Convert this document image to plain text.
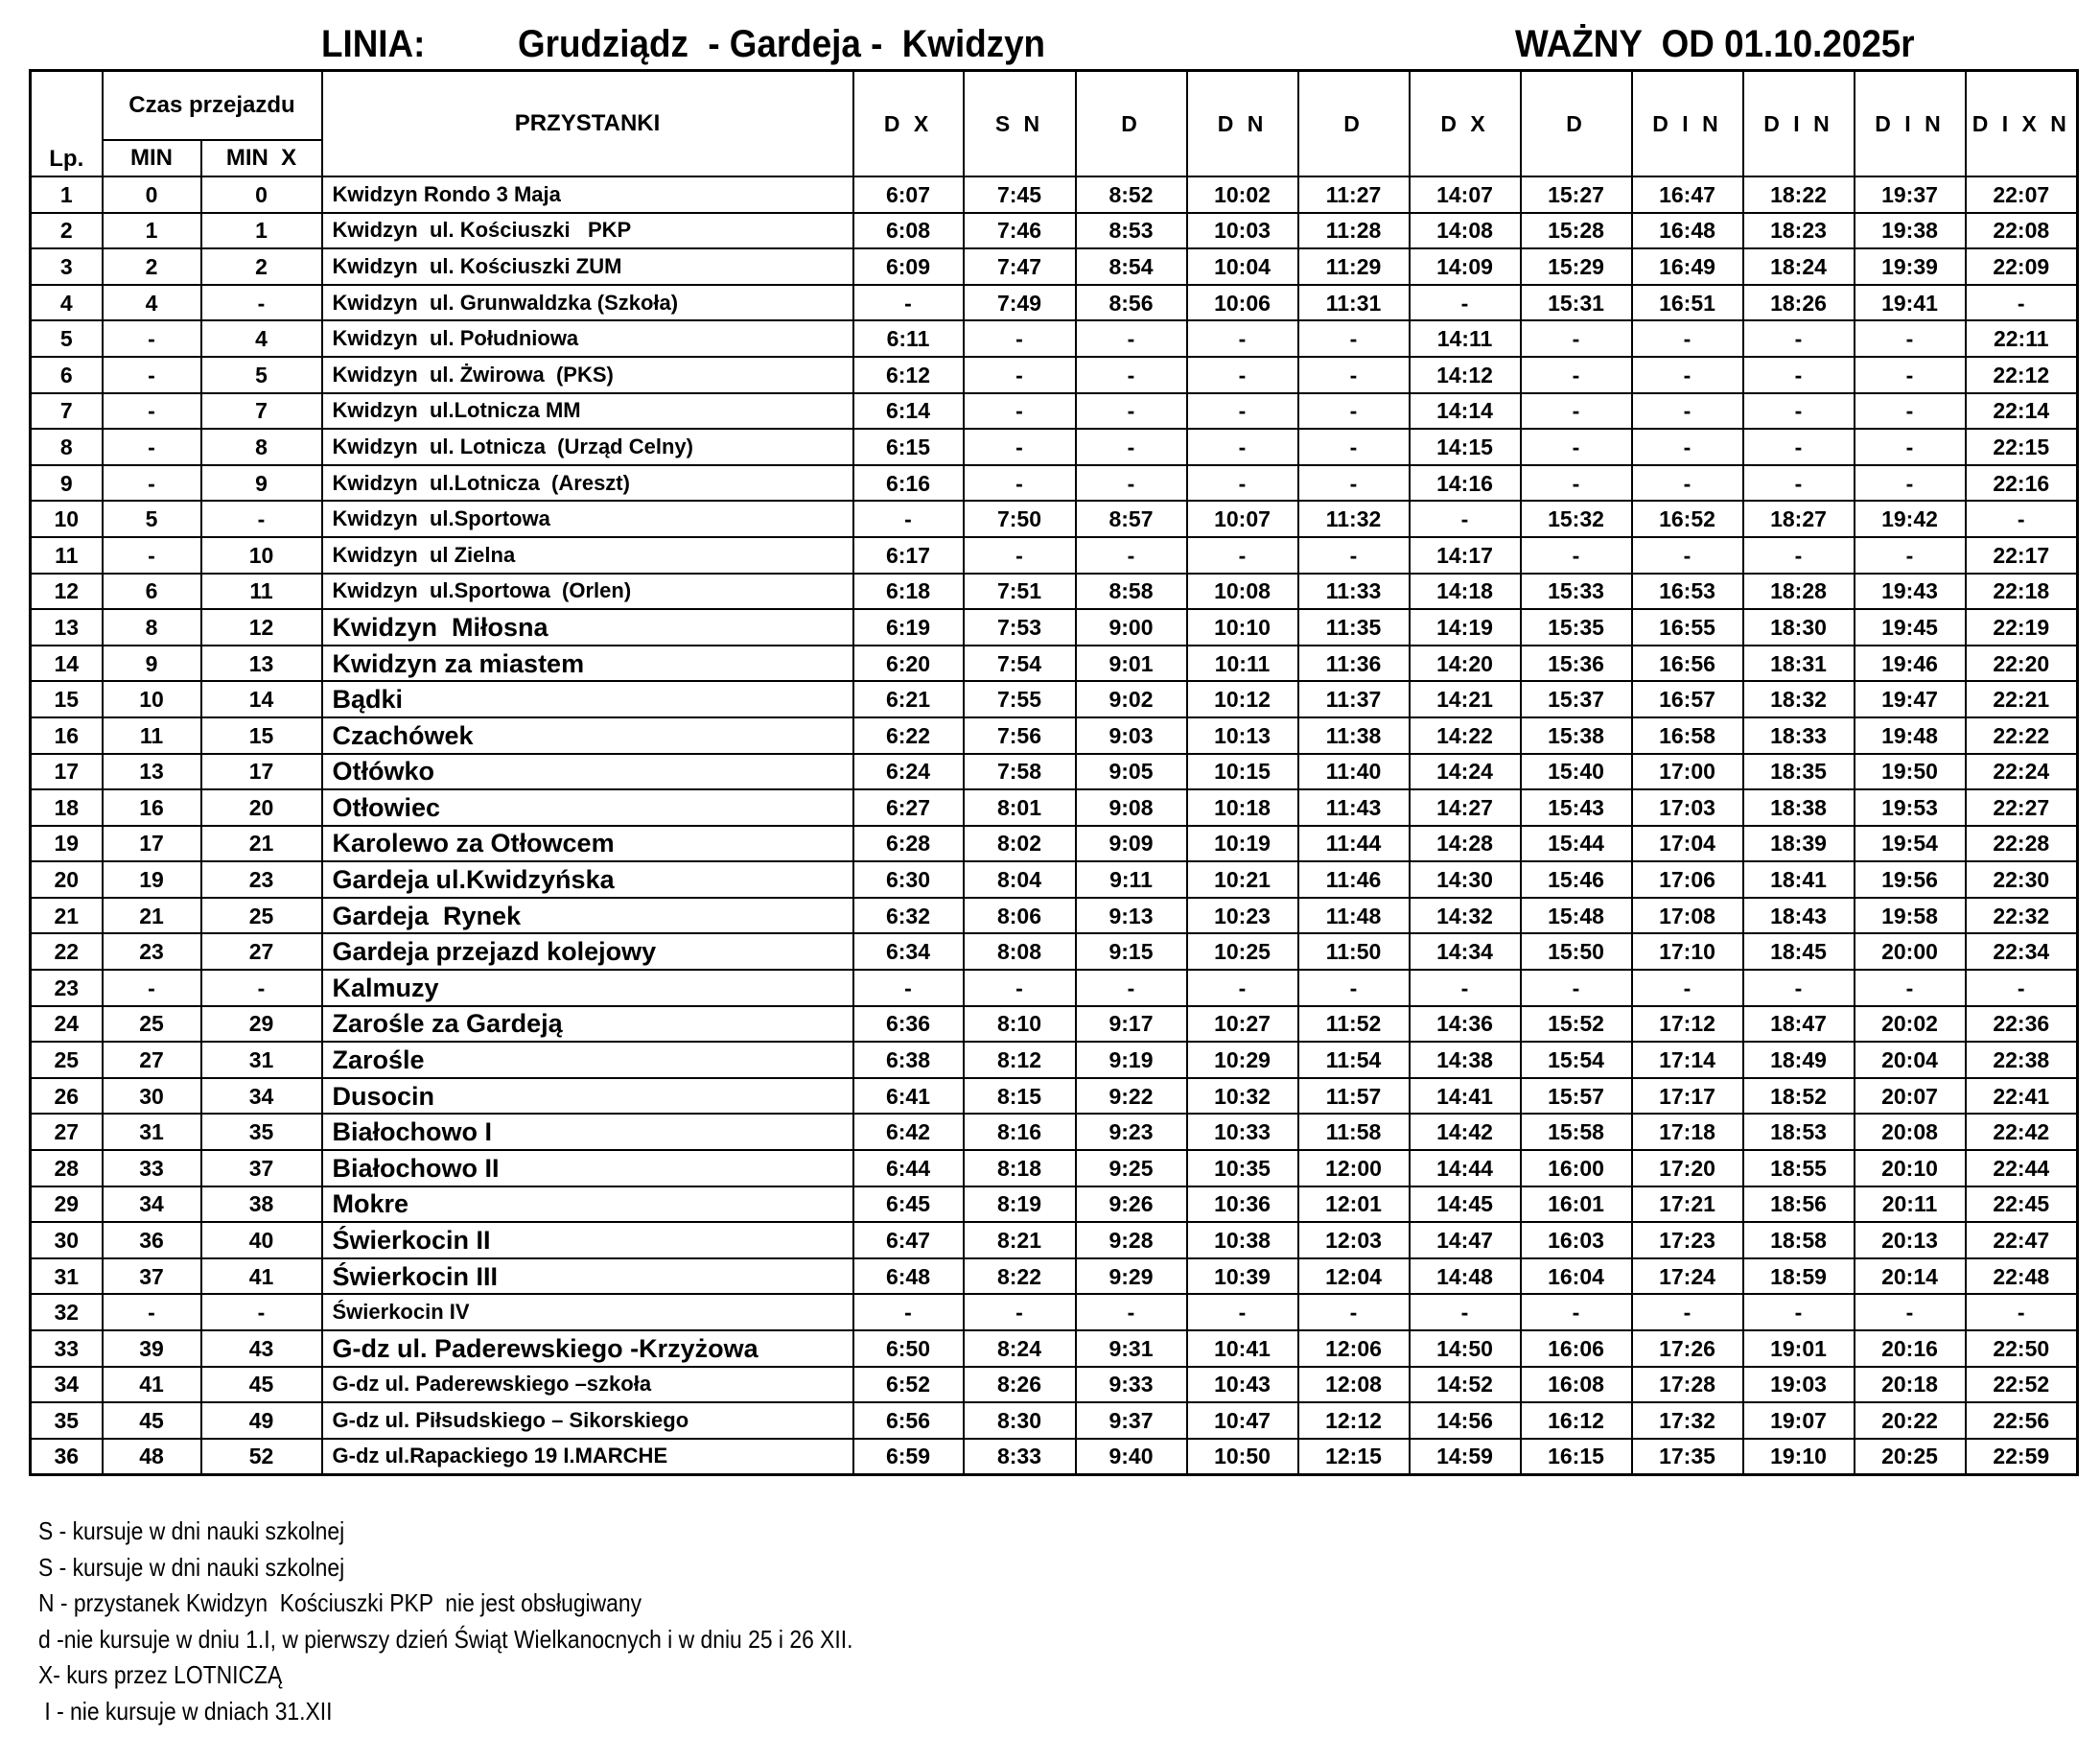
LINIA: Grudziądz  - Gardeja -  Kwidzyn	WAŻNY  OD 01.10.2025r
Lp.	Czas przejazdu		PRZYSTANKI	D X	S N	D	D N	D	D X	D	D I N	D I N	D I N	D I X N
	MIN	MIN  X												
1	0	0	Kwidzyn Rondo 3 Maja	6:07	7:45	8:52	10:02	11:27	14:07	15:27	16:47	18:22	19:37	22:07
2	1	1	Kwidzyn  ul. Kościuszki   PKP	6:08	7:46	8:53	10:03	11:28	14:08	15:28	16:48	18:23	19:38	22:08
3	2	2	Kwidzyn  ul. Kościuszki ZUM	6:09	7:47	8:54	10:04	11:29	14:09	15:29	16:49	18:24	19:39	22:09
4	4	-	Kwidzyn  ul. Grunwaldzka (Szkoła)	-	7:49	8:56	10:06	11:31	-	15:31	16:51	18:26	19:41	-
5	-	4	Kwidzyn  ul. Południowa	6:11	-	-	-	-	14:11	-	-	-	-	22:11
6	-	5	Kwidzyn  ul. Żwirowa  (PKS)	6:12	-	-	-	-	14:12	-	-	-	-	22:12
7	-	7	Kwidzyn  ul.Lotnicza MM	6:14	-	-	-	-	14:14	-	-	-	-	22:14
8	-	8	Kwidzyn  ul. Lotnicza  (Urząd Celny)	6:15	-	-	-	-	14:15	-	-	-	-	22:15
9	-	9	Kwidzyn  ul.Lotnicza  (Areszt)	6:16	-	-	-	-	14:16	-	-	-	-	22:16
10	5	-	Kwidzyn  ul.Sportowa	-	7:50	8:57	10:07	11:32	-	15:32	16:52	18:27	19:42	-
11	-	10	Kwidzyn  ul Zielna	6:17	-	-	-	-	14:17	-	-	-	-	22:17
12	6	11	Kwidzyn  ul.Sportowa  (Orlen)	6:18	7:51	8:58	10:08	11:33	14:18	15:33	16:53	18:28	19:43	22:18
13	8	12	Kwidzyn  Miłosna	6:19	7:53	9:00	10:10	11:35	14:19	15:35	16:55	18:30	19:45	22:19
14	9	13	Kwidzyn za miastem	6:20	7:54	9:01	10:11	11:36	14:20	15:36	16:56	18:31	19:46	22:20
15	10	14	Bądki	6:21	7:55	9:02	10:12	11:37	14:21	15:37	16:57	18:32	19:47	22:21
16	11	15	Czachówek	6:22	7:56	9:03	10:13	11:38	14:22	15:38	16:58	18:33	19:48	22:22
17	13	17	Otłówko	6:24	7:58	9:05	10:15	11:40	14:24	15:40	17:00	18:35	19:50	22:24
18	16	20	Otłowiec	6:27	8:01	9:08	10:18	11:43	14:27	15:43	17:03	18:38	19:53	22:27
19	17	21	Karolewo za Otłowcem	6:28	8:02	9:09	10:19	11:44	14:28	15:44	17:04	18:39	19:54	22:28
20	19	23	Gardeja ul.Kwidzyńska	6:30	8:04	9:11	10:21	11:46	14:30	15:46	17:06	18:41	19:56	22:30
21	21	25	Gardeja  Rynek	6:32	8:06	9:13	10:23	11:48	14:32	15:48	17:08	18:43	19:58	22:32
22	23	27	Gardeja przejazd kolejowy	6:34	8:08	9:15	10:25	11:50	14:34	15:50	17:10	18:45	20:00	22:34
23	-	-	Kalmuzy	-	-	-	-	-	-	-	-	-	-	-
24	25	29	Zarośle za Gardeją	6:36	8:10	9:17	10:27	11:52	14:36	15:52	17:12	18:47	20:02	22:36
25	27	31	Zarośle	6:38	8:12	9:19	10:29	11:54	14:38	15:54	17:14	18:49	20:04	22:38
26	30	34	Dusocin	6:41	8:15	9:22	10:32	11:57	14:41	15:57	17:17	18:52	20:07	22:41
27	31	35	Białochowo I	6:42	8:16	9:23	10:33	11:58	14:42	15:58	17:18	18:53	20:08	22:42
28	33	37	Białochowo II	6:44	8:18	9:25	10:35	12:00	14:44	16:00	17:20	18:55	20:10	22:44
29	34	38	Mokre	6:45	8:19	9:26	10:36	12:01	14:45	16:01	17:21	18:56	20:11	22:45
30	36	40	Świerkocin II	6:47	8:21	9:28	10:38	12:03	14:47	16:03	17:23	18:58	20:13	22:47
31	37	41	Świerkocin III	6:48	8:22	9:29	10:39	12:04	14:48	16:04	17:24	18:59	20:14	22:48
32	-	-	Świerkocin IV	-	-	-	-	-	-	-	-	-	-	-
33	39	43	G-dz ul. Paderewskiego -Krzyżowa	6:50	8:24	9:31	10:41	12:06	14:50	16:06	17:26	19:01	20:16	22:50
34	41	45	G-dz ul. Paderewskiego –szkoła	6:52	8:26	9:33	10:43	12:08	14:52	16:08	17:28	19:03	20:18	22:52
35	45	49	G-dz ul. Piłsudskiego – Sikorskiego	6:56	8:30	9:37	10:47	12:12	14:56	16:12	17:32	19:07	20:22	22:56
36	48	52	G-dz ul.Rapackiego 19 I.MARCHE	6:59	8:33	9:40	10:50	12:15	14:59	16:15	17:35	19:10	20:25	22:59
S - kursuje w dni nauki szkolnej
S - kursuje w dni nauki szkolnej
N - przystanek Kwidzyn  Kościuszki PKP  nie jest obsługiwany
d -nie kursuje w dniu 1.I, w pierwszy dzień Świąt Wielkanocnych i w dniu 25 i 26 XII.
X- kurs przez LOTNICZĄ
I - nie kursuje w dniach 31.XII
